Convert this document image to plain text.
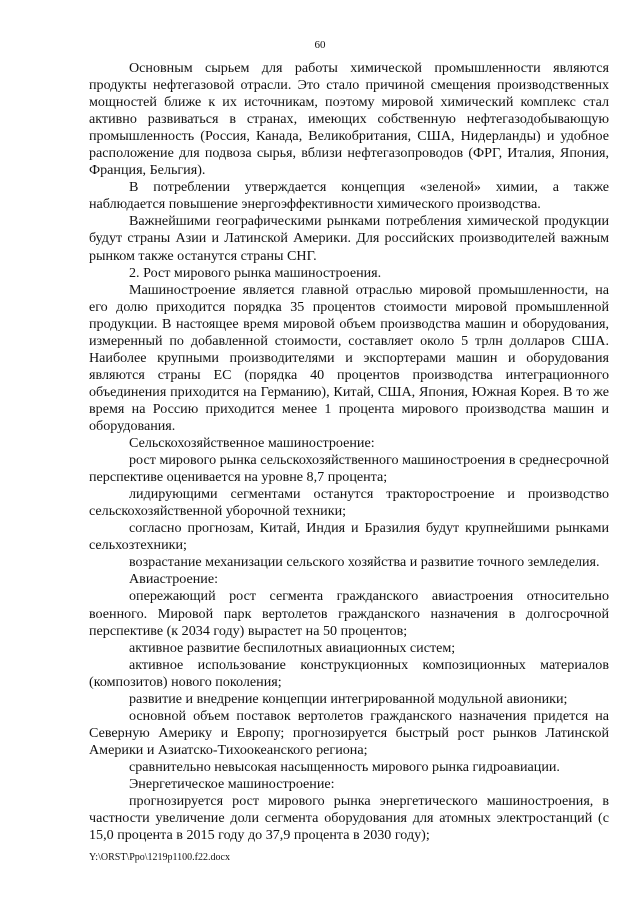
60

Основным сырьем для работы химической промышленности являются продукты нефтегазовой отрасли. Это стало причиной смещения производственных мощностей ближе к их источникам, поэтому мировой химический комплекс стал активно развиваться в странах, имеющих собственную нефтегазодобывающую промышленность (Россия, Канада, Великобритания, США, Нидерланды) и удобное расположение для подвоза сырья, вблизи нефтегазопроводов (ФРГ, Италия, Япония, Франция, Бельгия).

В потреблении утверждается концепция «зеленой» химии, а также наблюдается повышение энергоэффективности химического производства.

Важнейшими географическими рынками потребления химической продукции будут страны Азии и Латинской Америки. Для российских производителей важным рынком также останутся страны СНГ.

2. Рост мирового рынка машиностроения.

Машиностроение является главной отраслью мировой промышленности, на его долю приходится порядка 35 процентов стоимости мировой промышленной продукции. В настоящее время мировой объем производства машин и оборудования, измеренный по добавленной стоимости, составляет около 5 трлн долларов США. Наиболее крупными производителями и экспортерами машин и оборудования являются страны ЕС (порядка 40 процентов производства интеграционного объединения приходится на Германию), Китай, США, Япония, Южная Корея. В то же время на Россию приходится менее 1 процента мирового производства машин и оборудования.

Сельскохозяйственное машиностроение:

рост мирового рынка сельскохозяйственного машиностроения в среднесрочной перспективе оценивается на уровне 8,7 процента;

лидирующими сегментами останутся тракторостроение и производство сельскохозяйственной уборочной техники;

согласно прогнозам, Китай, Индия и Бразилия будут крупнейшими рынками сельхозтехники;

возрастание механизации сельского хозяйства и развитие точного земледелия.

Авиастроение:

опережающий рост сегмента гражданского авиастроения относительно военного. Мировой парк вертолетов гражданского назначения в долгосрочной перспективе (к 2034 году) вырастет на 50 процентов;

активное развитие беспилотных авиационных систем;

активное использование конструкционных композиционных материалов (композитов) нового поколения;

развитие и внедрение концепции интегрированной модульной авионики;

основной объем поставок вертолетов гражданского назначения придется на Северную Америку и Европу; прогнозируется быстрый рост рынков Латинской Америки и Азиатско-Тихоокеанского региона;

сравнительно невысокая насыщенность мирового рынка гидроавиации.

Энергетическое машиностроение:

прогнозируется рост мирового рынка энергетического машиностроения, в частности увеличение доли сегмента оборудования для атомных электростанций (с 15,0 процента в 2015 году до 37,9 процента в 2030 году);

Y:\ORST\Ppo\1219p1100.f22.docx
